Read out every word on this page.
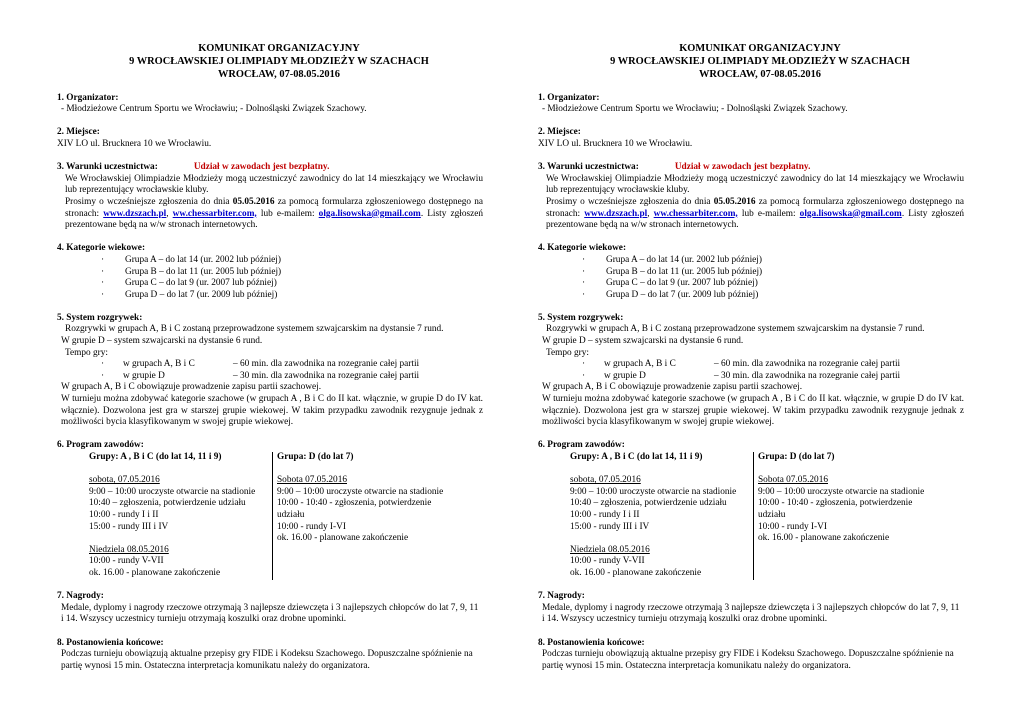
KOMUNIKAT ORGANIZACYJNY
9 WROCŁAWSKIEJ OLIMPIADY MŁODZIEŻY W SZACHACH
WROCŁAW, 07-08.05.2016
1. Organizator:
- Młodzieżowe Centrum Sportu we Wrocławiu; - Dolnośląski Związek Szachowy.
2. Miejsce:
XIV LO ul. Brucknera 10 we Wrocławiu.
3. Warunki uczestnictwa:	Udział w zawodach jest bezpłatny.
We Wrocławskiej Olimpiadzie Młodzieży mogą uczestniczyć zawodnicy do lat 14 mieszkający we Wrocławiu lub reprezentujący wrocławskie kluby.
Prosimy o wcześniejsze zgłoszenia do dnia 05.05.2016 za pomocą formularza zgłoszeniowego dostępnego na stronach: www.dzszach.pl, ww.chessarbiter.com, lub e-mailem: olga.lisowska@gmail.com. Listy zgłoszeń prezentowane będą na w/w stronach internetowych.
4. Kategorie wiekowe:
·	Grupa A – do lat 14 (ur. 2002 lub później)
·	Grupa B – do lat 11 (ur. 2005 lub później)
·	Grupa C – do lat 9 (ur. 2007 lub później)
·	Grupa D – do lat 7 (ur. 2009 lub później)
5. System rozgrywek:
Rozgrywki w grupach A, B i C zostaną przeprowadzone systemem szwajcarskim na dystansie 7 rund.
W grupie D – system szwajcarski na dystansie 6 rund.
Tempo gry:
·	w grupach A, B i C	– 60 min. dla zawodnika na rozegranie całej partii
·	w grupie D	– 30 min. dla zawodnika na rozegranie całej partii
W grupach A, B i C obowiązuje prowadzenie zapisu partii szachowej.
W turnieju można zdobywać kategorie szachowe (w grupach A , B i C do II kat. włącznie, w grupie D do IV kat. włącznie). Dozwolona jest gra w starszej grupie wiekowej. W takim przypadku zawodnik rezygnuje jednak z możliwości bycia klasyfikowanym w swojej grupie wiekowej.
6. Program zawodów:
Grupy: A , B i C (do lat 14, 11 i 9)
sobota, 07.05.2016
9:00 – 10:00 uroczyste otwarcie na stadionie
10:40 – zgłoszenia, potwierdzenie udziału
10:00 - rundy I i II
15:00 - rundy III i IV
Niedziela 08.05.2016
10:00 - rundy V-VII
ok. 16.00 - planowane zakończenie
Grupa: D (do lat 7)
Sobota 07.05.2016
9:00 – 10:00 uroczyste otwarcie na stadionie
10:00 - 10:40 - zgłoszenia, potwierdzenie udziału
10:00 - rundy I-VI
ok. 16.00 - planowane zakończenie
7. Nagrody:
Medale, dyplomy i nagrody rzeczowe otrzymają 3 najlepsze dziewczęta i 3 najlepszych chłopców do lat 7, 9, 11 i 14. Wszyscy uczestnicy turnieju otrzymają koszulki oraz drobne upominki.
8. Postanowienia końcowe:
Podczas turnieju obowiązują aktualne przepisy gry FIDE i Kodeksu Szachowego. Dopuszczalne spóźnienie na partię wynosi 15 min. Ostateczna interpretacja komunikatu należy do organizatora.
KOMUNIKAT ORGANIZACYJNY
9 WROCŁAWSKIEJ OLIMPIADY MŁODZIEŻY W SZACHACH
WROCŁAW, 07-08.05.2016
1. Organizator:
- Młodzieżowe Centrum Sportu we Wrocławiu; - Dolnośląski Związek Szachowy.
2. Miejsce:
XIV LO ul. Brucknera 10 we Wrocławiu.
3. Warunki uczestnictwa:	Udział w zawodach jest bezpłatny.
We Wrocławskiej Olimpiadzie Młodzieży mogą uczestniczyć zawodnicy do lat 14 mieszkający we Wrocławiu lub reprezentujący wrocławskie kluby.
Prosimy o wcześniejsze zgłoszenia do dnia 05.05.2016 za pomocą formularza zgłoszeniowego dostępnego na stronach: www.dzszach.pl, ww.chessarbiter.com, lub e-mailem: olga.lisowska@gmail.com. Listy zgłoszeń prezentowane będą na w/w stronach internetowych.
4. Kategorie wiekowe:
·	Grupa A – do lat 14 (ur. 2002 lub później)
·	Grupa B – do lat 11 (ur. 2005 lub później)
·	Grupa C – do lat 9 (ur. 2007 lub później)
·	Grupa D – do lat 7 (ur. 2009 lub później)
5. System rozgrywek:
Rozgrywki w grupach A, B i C zostaną przeprowadzone systemem szwajcarskim na dystansie 7 rund.
W grupie D – system szwajcarski na dystansie 6 rund.
Tempo gry:
·	w grupach A, B i C	– 60 min. dla zawodnika na rozegranie całej partii
·	w grupie D	– 30 min. dla zawodnika na rozegranie całej partii
W grupach A, B i C obowiązuje prowadzenie zapisu partii szachowej.
W turnieju można zdobywać kategorie szachowe (w grupach A , B i C do II kat. włącznie, w grupie D do IV kat. włącznie). Dozwolona jest gra w starszej grupie wiekowej. W takim przypadku zawodnik rezygnuje jednak z możliwości bycia klasyfikowanym w swojej grupie wiekowej.
6. Program zawodów:
Grupy: A , B i C (do lat 14, 11 i 9)
sobota, 07.05.2016
9:00 – 10:00 uroczyste otwarcie na stadionie
10:40 – zgłoszenia, potwierdzenie udziału
10:00 - rundy I i II
15:00 - rundy III i IV
Niedziela 08.05.2016
10:00 - rundy V-VII
ok. 16.00 - planowane zakończenie
Grupa: D (do lat 7)
Sobota 07.05.2016
9:00 – 10:00 uroczyste otwarcie na stadionie
10:00 - 10:40 - zgłoszenia, potwierdzenie udziału
10:00 - rundy I-VI
ok. 16.00 - planowane zakończenie
7. Nagrody:
Medale, dyplomy i nagrody rzeczowe otrzymają 3 najlepsze dziewczęta i 3 najlepszych chłopców do lat 7, 9, 11 i 14. Wszyscy uczestnicy turnieju otrzymają koszulki oraz drobne upominki.
8. Postanowienia końcowe:
Podczas turnieju obowiązują aktualne przepisy gry FIDE i Kodeksu Szachowego. Dopuszczalne spóźnienie na partię wynosi 15 min. Ostateczna interpretacja komunikatu należy do organizatora.
